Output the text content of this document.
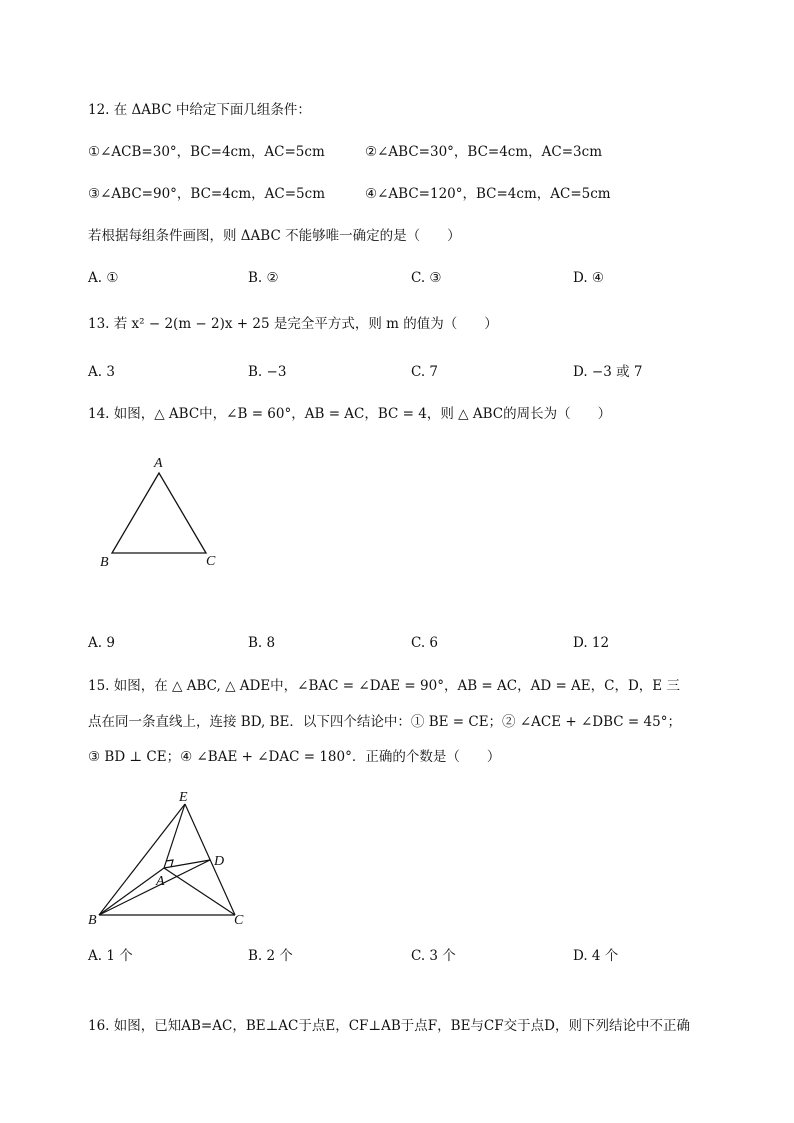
12. 在 ΔABC 中给定下面几组条件：
①∠ACB=30°，BC=4cm，AC=5cm	②∠ABC=30°，BC=4cm，AC=3cm
③∠ABC=90°，BC=4cm，AC=5cm	④∠ABC=120°，BC=4cm，AC=5cm
若根据每组条件画图，则 ΔABC 不能够唯一确定的是（　　）
A. ①	B. ②	C. ③	D. ④
13. 若 x² − 2(m − 2)x + 25 是完全平方式，则 m 的值为（　　）
A. 3	B. −3	C. 7	D. −3 或 7
14. 如图，△ ABC中，∠B = 60°，AB = AC，BC = 4，则 △ ABC的周长为（　　）
A
B	C
A. 9	B. 8	C. 6	D. 12
15. 如图，在 △ ABC, △ ADE中，∠BAC = ∠DAE = 90°，AB = AC，AD = AE，C，D，E 三
点在同一条直线上，连接 BD, BE．以下四个结论中：① BE = CE；② ∠ACE + ∠DBC = 45°；
③ BD ⊥ CE；④ ∠BAE + ∠DAC = 180°．正确的个数是（　　）
E
D
A
B	C
A. 1 个	B. 2 个	C. 3 个	D. 4 个
16. 如图，已知AB=AC，BE⊥AC于点E，CF⊥AB于点F，BE与CF交于点D，则下列结论中不正确
